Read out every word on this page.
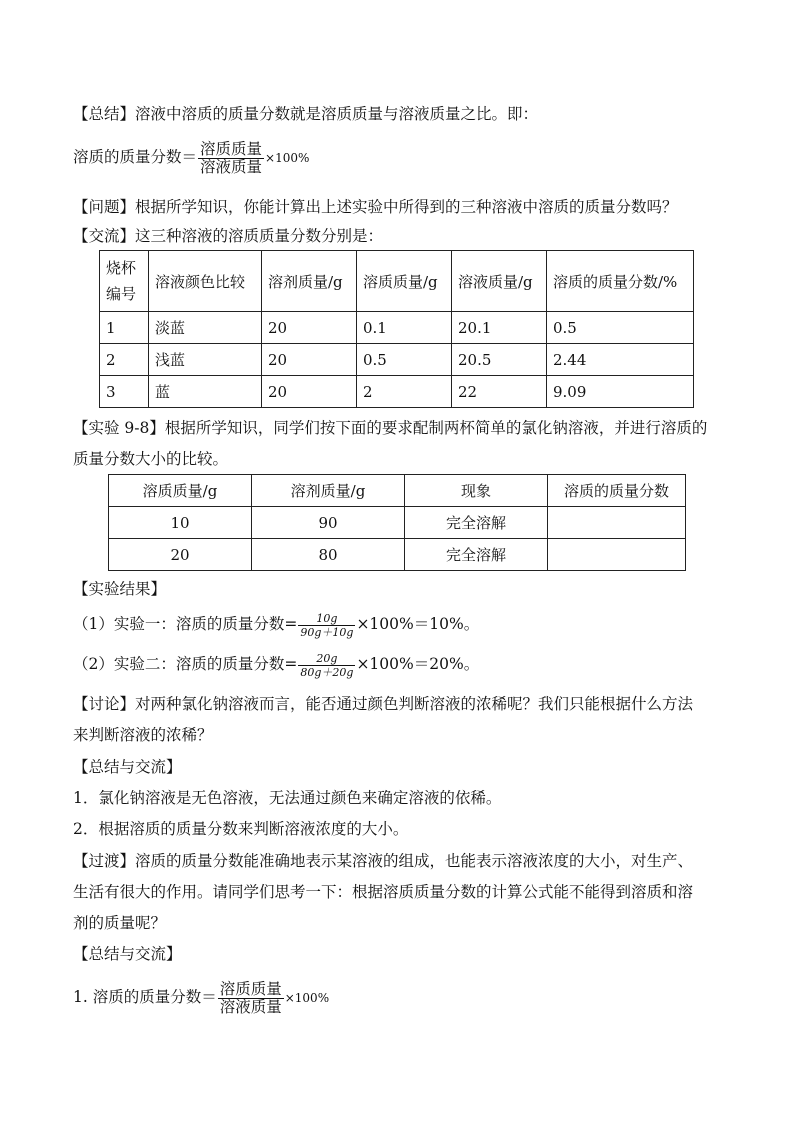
【总结】溶液中溶质的质量分数就是溶质质量与溶液质量之比。即：
溶质的质量分数＝ $\frac{\text{溶质质量}}{\text{溶液质量}} \times 100\%$
【问题】根据所学知识，你能计算出上述实验中所得到的三种溶液中溶质的质量分数吗？
【交流】这三种溶液的溶质质量分数分别是：
烧杯
编号	溶液颜色比较	溶剂质量/g	溶质质量/g	溶液质量/g	溶质的质量分数/%
1	淡蓝	20	0.1	20.1	0.5
2	浅蓝	20	0.5	20.5	2.44
3	蓝	20	2	22	9.09
【实验 9-8】根据所学知识，同学们按下面的要求配制两杯简单的氯化钠溶液，并进行溶质的
质量分数大小的比较。
溶质质量/g	溶剂质量/g	现象	溶质的质量分数
10	90	完全溶解	
20	80	完全溶解	
【实验结果】
（1）实验一：溶质的质量分数= $\frac{10g}{90g+10g} \times 100\%=10\%$。
（2）实验二：溶质的质量分数= $\frac{20g}{80g+20g} \times 100\%=20\%$。
【讨论】对两种氯化钠溶液而言，能否通过颜色判断溶液的浓稀呢？我们只能根据什么方法
来判断溶液的浓稀？
【总结与交流】
1．氯化钠溶液是无色溶液，无法通过颜色来确定溶液的依稀。
2．根据溶质的质量分数来判断溶液浓度的大小。
【过渡】溶质的质量分数能准确地表示某溶液的组成，也能表示溶液浓度的大小，对生产、
生活有很大的作用。请同学们思考一下：根据溶质质量分数的计算公式能不能得到溶质和溶
剂的质量呢？
【总结与交流】
1. 溶质的质量分数＝ $\frac{\text{溶质质量}}{\text{溶液质量}} \times 100\%$
